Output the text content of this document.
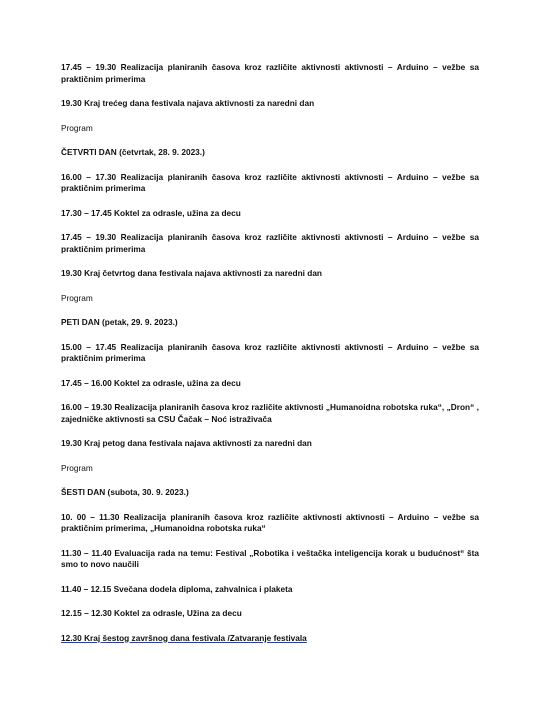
17.45 – 19.30 Realizacija planiranih časova kroz različite aktivnosti aktivnosti – Arduino – vežbe sa praktičnim primerima

19.30 Kraj trećeg dana festivala najava aktivnosti za naredni dan

Program

ČETVRTI DAN (četvrtak, 28. 9. 2023.)

16.00 – 17.30 Realizacija planiranih časova kroz različite aktivnosti aktivnosti – Arduino – vežbe sa praktičnim primerima

17.30 – 17.45 Koktel za odrasle, užina za decu

17.45 – 19.30 Realizacija planiranih časova kroz različite aktivnosti aktivnosti – Arduino – vežbe sa praktičnim primerima

19.30 Kraj četvrtog dana festivala najava aktivnosti za naredni dan

Program

PETI DAN (petak, 29. 9. 2023.)

15.00 – 17.45 Realizacija planiranih časova kroz različite aktivnosti aktivnosti – Arduino – vežbe sa praktičnim primerima

17.45 – 16.00 Koktel za odrasle, užina za decu

16.00 – 19.30 Realizacija planiranih časova kroz različite aktivnosti „Humanoidna robotska ruka“, „Dron“ , zajedničke aktivnosti sa CSU Čačak – Noć istraživača

19.30 Kraj petog dana festivala najava aktivnosti za naredni dan

Program

ŠESTI DAN (subota, 30. 9. 2023.)

10. 00 – 11.30 Realizacija planiranih časova kroz različite aktivnosti aktivnosti – Arduino – vežbe sa praktičnim primerima, „Humanoidna robotska ruka“

11.30 – 11.40 Evaluacija rada na temu: Festival „Robotika i veštačka inteligencija korak u budućnost“ šta smo to novo naučili

11.40 – 12.15 Svečana dodela diploma, zahvalnica i plaketa

12.15 – 12.30 Koktel za odrasle, Užina za decu

12.30 Kraj šestog završnog dana festivala /Zatvaranje festivala
